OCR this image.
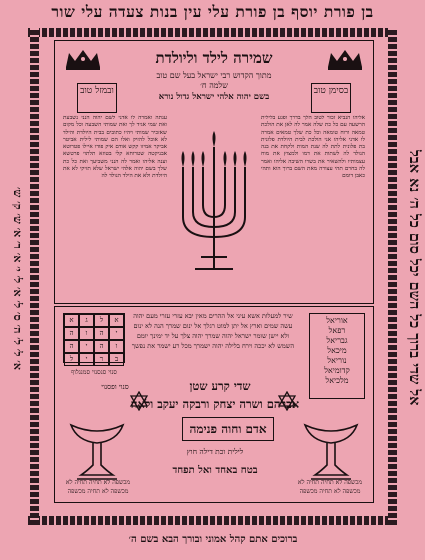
בן פורת יוסף בן פורת עלי עין בנות צעדה עלי שור
אל שדי ברוך כל השם יכל סום כל ה׳ נא אבל
א׳ ל׳ ל׳ ה׳ ס׳ ל׳ א׳ ל׳ י׳ א׳ ר׳ א׳ ש׳ ק׳ ש׳
ברוכים אתם קהל אמוני ובורך הבא בשם ה׳
שמירה לילד וליולדת
מתוך הקדוש רבי ישראל בעל שם טוב
שלמה ח׳
בשם יהוה אלהי ישראל גדול נורא
ובמזל טוב	בסימן טוב
אליהו הנביא זכור לטוב הלך בדרך ופגע בלילית הרשעה עם כל כת שלה אמר לה לאן את הולכת טמאה ורוח טומאה וכל כת שלך טמאים אמרה לו אדני אליהו אני הולכת לבית היולדת פלונית בת פלונית לתת לה שנת המות ולקחת את בנה הנולד לה לשתות את דמו ולמצוץ את מוח עצמותיו ולהשאיר את בשרו השיבה אליהו ואמר לה בחרם תהי עצורה מאת השם ברוך הוא ותהי כאבן דומם
ענתה ואמרה לו אדני לשם יהוה הנני נשבעת ואת שמי אגיד לך ואת שמותי השבעה וכל מקום שאזכיר שמותי ויהיו כתובים בבית היולדת והילד לא אוכל להזיק ואלו הם שמותי לילית אביטר אביקר אמיזו קקש אודם איק פודו איילו פטרוטא אבניקטה שטרוחא קלי בטוזא תלתוי פרטשא וענה אליהו ואמר לה הנני משביעך ואת כל כת שלך בשם יהוה אלהי ישראל שלא תזיקי לא את היולדת ולא את הילד הנולד לה
א	ג	ל	א
ה	ו	ה	י
ה	י	ה	ו
ל	י	ר	ב
אוריאל
רפאל
גבריאל
מיכאל
נוריאל
קדומיאל
מלכיאל
שיר למעלות אשא עיני אל ההרים מאין יבא עזרי עזרי מעם יהוה עשה שמים וארץ אל יתן למוט רגלך אל ינום שמרך הנה לא ינום ולא יישן שומר ישראל יהוה שמרך יהוה צלך על יד ימינך יומם השמש לא יככה וירח בלילה יהוה ישמרך מכל רע ישמר את נפשך
סנוי סנסנוי סמנגלוף
סנוי ופסנוי	שדי קרע שטן
אברהם ושרה יצחק ורבקה יעקב ולאה
אדם וחוה פנימה
לילית וכת דילה חוץ
בטח באחד ואל תפחד
מכשפה לא תחיה תחיה לא מכשפה לא תחיה מכשפה
מכשפה לא תחיה תחיה לא מכשפה לא תחיה מכשפה
